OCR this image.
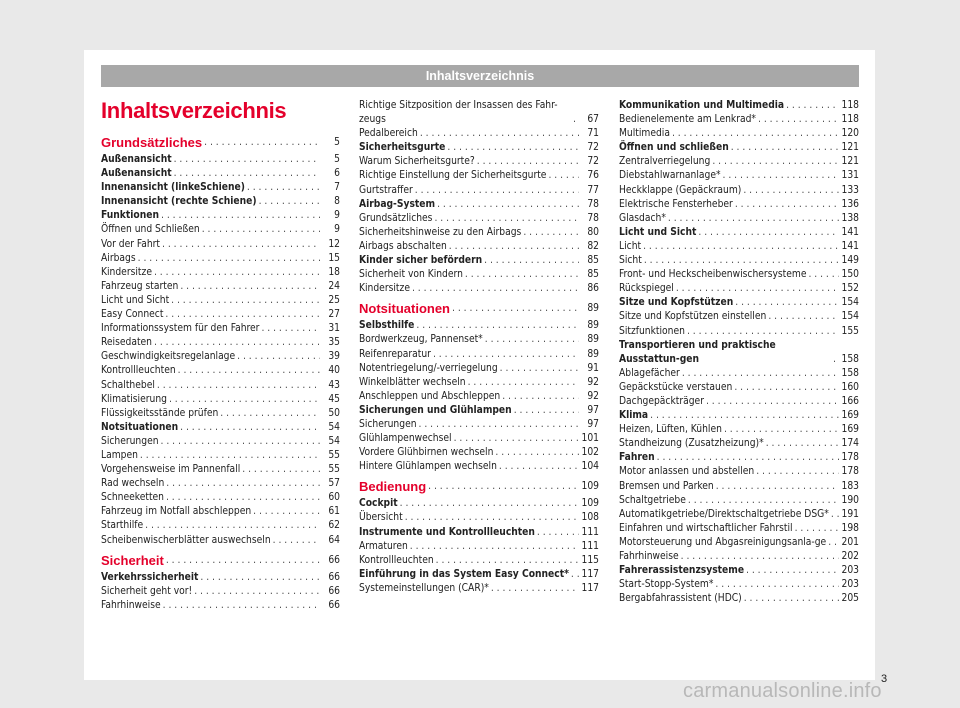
Inhaltsverzeichnis
Inhaltsverzeichnis
Grundsätzliches . . .	5
Außenansicht . . .	5
Außenansicht . . .	6
Innenansicht (linkeSchiene) . . .	7
Innenansicht (rechte Schiene) . . .	8
Funktionen . . .	9
Öffnen und Schließen . . .	9
Vor der Fahrt . . .	12
Airbags . . .	15
Kindersitze . . .	18
Fahrzeug starten . . .	24
Licht und Sicht . . .	25
Easy Connect . . .	27
Informationssystem für den Fahrer . . .	31
Reisedaten . . .	35
Geschwindigkeitsregelanlage . . .	39
Kontrollleuchten . . .	40
Schalthebel . . .	43
Klimatisierung . . .	45
Flüssigkeitsstände prüfen . . .	50
Notsituationen . . .	54
Sicherungen . . .	54
Lampen . . .	55
Vorgehensweise im Pannenfall . . .	55
Rad wechseln . . .	57
Schneeketten . . .	60
Fahrzeug im Notfall abschleppen . . .	61
Starthilfe . . .	62
Scheibenwischerblätter auswechseln . . .	64
Sicherheit . . .	66
Verkehrssicherheit . . .	66
Sicherheit geht vor! . . .	66
Fahrhinweise . . .	66
Richtige Sitzposition der Insassen des Fahr-zeugs . . .	67
Pedalbereich . . .	71
Sicherheitsgurte . . .	72
Warum Sicherheitsgurte? . . .	72
Richtige Einstellung der Sicherheitsgurte . . .	76
Gurtstraffer . . .	77
Airbag-System . . .	78
Grundsätzliches . . .	78
Sicherheitshinweise zu den Airbags . . .	80
Airbags abschalten . . .	82
Kinder sicher befördern . . .	85
Sicherheit von Kindern . . .	85
Kindersitze . . .	86
Notsituationen . . .	89
Selbsthilfe . . .	89
Bordwerkzeug, Pannenset* . . .	89
Reifenreparatur . . .	89
Notentriegelung/-verriegelung . . .	91
Winkelblätter wechseln . . .	92
Anschleppen und Abschleppen . . .	92
Sicherungen und Glühlampen . . .	97
Sicherungen . . .	97
Glühlampenwechsel . . .	101
Vordere Glühbirnen wechseln . . .	102
Hintere Glühlampen wechseln . . .	104
Bedienung . . .	109
Cockpit . . .	109
Übersicht . . .	108
Instrumente und Kontrollleuchten . . .	111
Armaturen . . .	111
Kontrollleuchten . . .	115
Einführung in das System Easy Connect* . . . 117
Systemeinstellungen (CAR)* . . .	117
Kommunikation und Multimedia . . .	118
Bedienelemente am Lenkrad* . . .	118
Multimedia . . .	120
Öffnen und schließen . . .	121
Zentralverriegelung . . .	121
Diebstahlwarnanlage* . . .	131
Heckklappe (Gepäckraum) . . .	133
Elektrische Fensterheber . . .	136
Glasdach* . . .	138
Licht und Sicht . . .	141
Licht . . .	141
Sicht . . .	149
Front- und Heckscheibenwischersysteme . . .	150
Rückspiegel . . .	152
Sitze und Kopfstützen . . .	154
Sitze und Kopfstützen einstellen . . .	154
Sitzfunktionen . . .	155
Transportieren und praktische Ausstattun-gen . . .	158
Ablagefächer . . .	158
Gepäckstücke verstauen . . .	160
Dachgepäckträger . . .	166
Klima . . .	169
Heizen, Lüften, Kühlen . . .	169
Standheizung (Zusatzheizung)* . . .	174
Fahren . . .	178
Motor anlassen und abstellen . . .	178
Bremsen und Parken . . .	183
Schaltgetriebe . . .	190
Automatikgetriebe/Direktschaltgetriebe DSG* . . . 191
Einfahren und wirtschaftlicher Fahrstil . . .	198
Motorsteuerung und Abgasreinigungsanla-ge . . . 201
Fahrhinweise . . .	202
Fahrerassistenzsysteme . . .	203
Start-Stopp-System* . . .	203
Bergabfahrassistent (HDC) . . .	205
3
carmanualsonline.info
